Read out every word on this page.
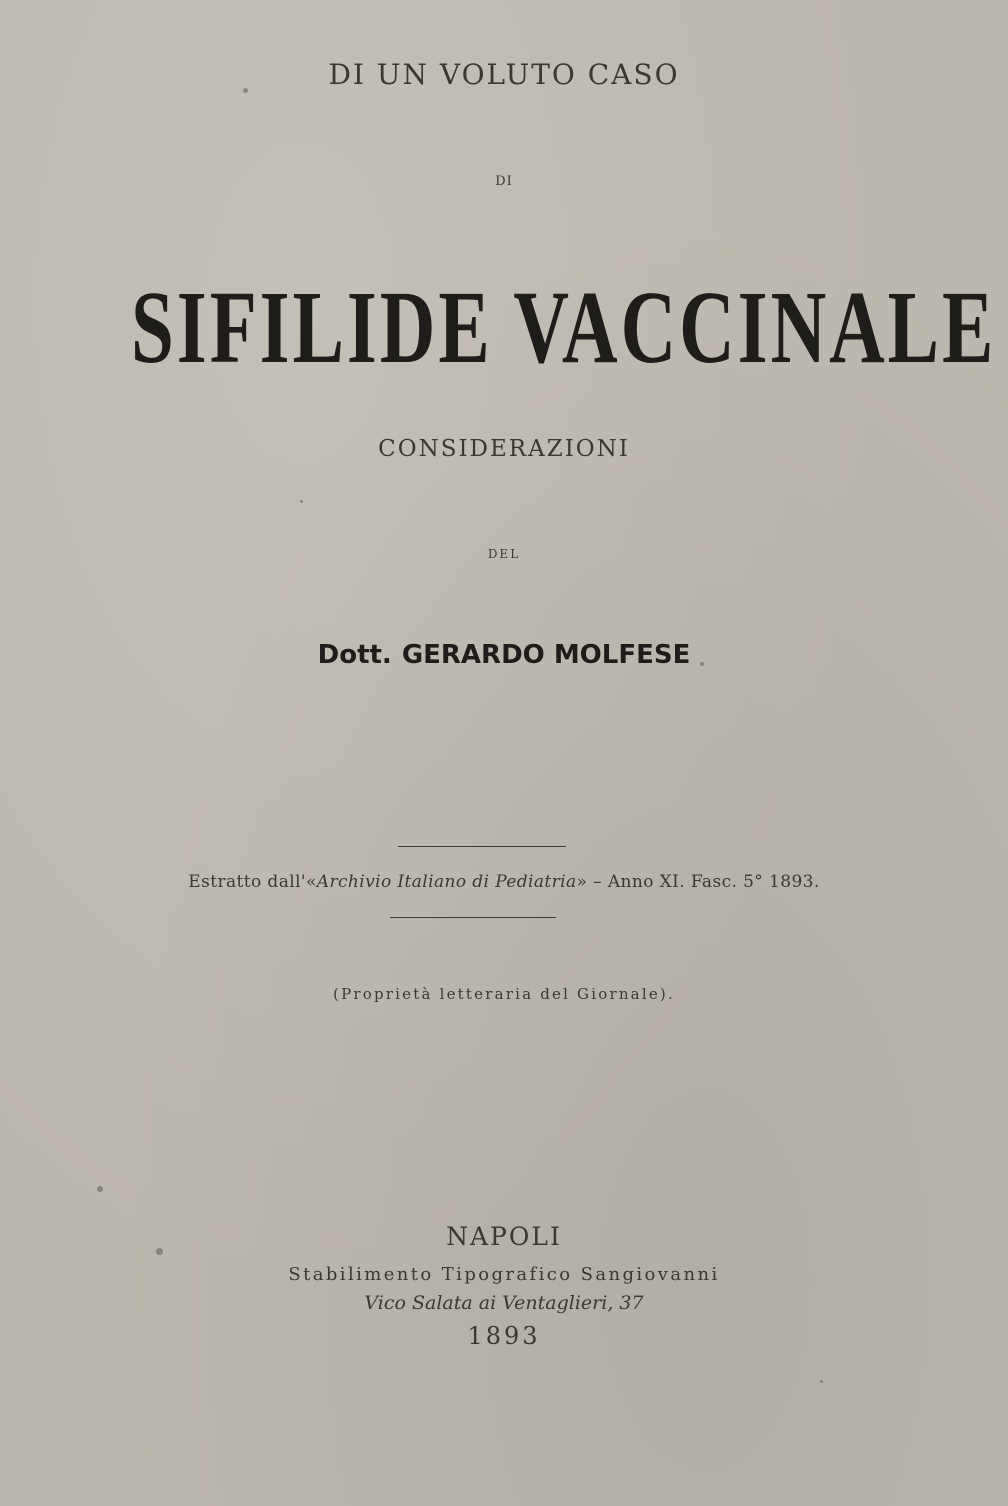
DI UN VOLUTO CASO
DI
SIFILIDE VACCINALE
CONSIDERAZIONI
DEL
Dott. GERARDO MOLFESE
Estratto dall'«Archivio Italiano di Pediatria» – Anno XI. Fasc. 5° 1893.
(Proprietà letteraria del Giornale).
NAPOLI
Stabilimento Tipografico Sangiovanni
Vico Salata ai Ventaglieri, 37
1893
